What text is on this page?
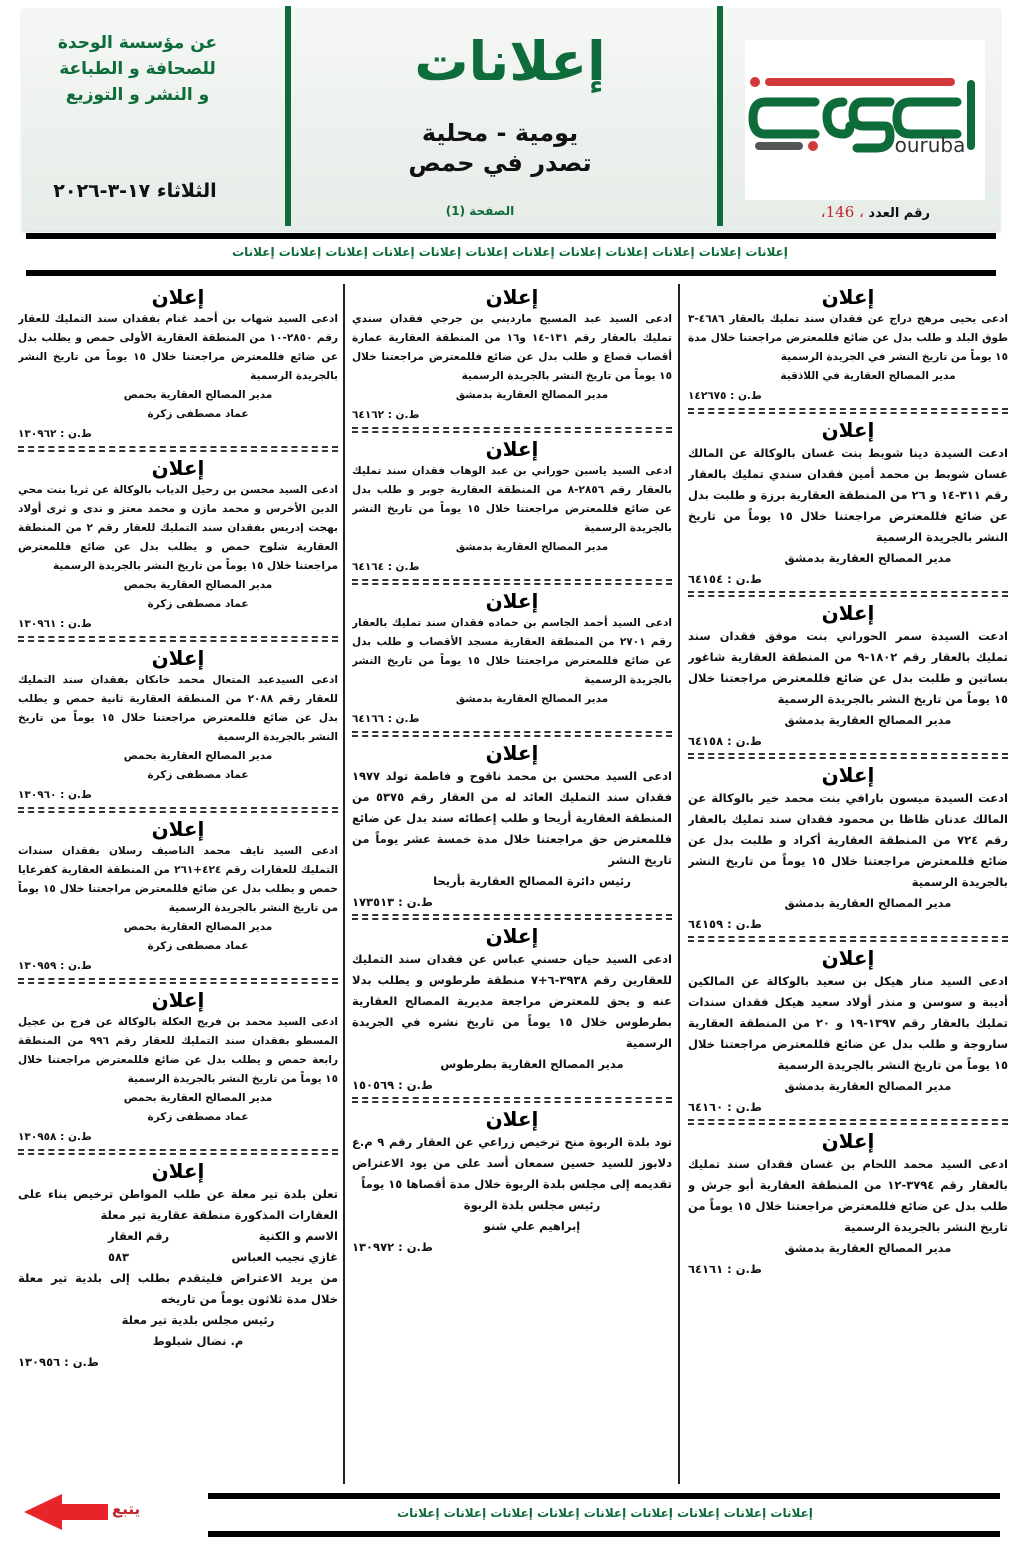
ouruba
رقم العدد ، 146،
إعلانات
يومية - محلية
تصدر في حمص
الصفحة (1)
عن مؤسسة الوحدة
للصحافة و الطباعة
و النشر و التوزيع
الثلاثاء ١٧-٣-٢٠٢٦
إعلانات إعلانات إعلانات إعلانات إعلانات إعلانات إعلانات إعلانات إعلانات إعلانات إعلانات إعلانات
إعلان
ادعى يحيى مرهج دراج عن فقدان سند تمليك بالعقار ٤٦٨٦-٣ طوق البلد و طلب بدل عن ضائع فللمعترض مراجعتنا خلال مدة ١٥ يوماً من تاريخ النشر في الجريدة الرسمية
مدير المصالح العقارية في اللاذقية
ط.ن : ١٤٢٦٧٥
إعلان
ادعت السيدة دينا شوبط بنت غسان بالوكالة عن المالك غسان شوبط بن محمد أمين فقدان سندي تمليك بالعقار رقم ٣١١-١٤ و ٢٦ من المنطقة العقارية برزة و طلبت بدل عن ضائع فللمعترض مراجعتنا خلال ١٥ يوماً من تاريخ النشر بالجريدة الرسمية
مدير المصالح العقارية بدمشق
ط.ن : ٦٤١٥٤
إعلان
ادعت السيدة سمر الحوراني بنت موفق فقدان سند تمليك بالعقار رقم ١٨٠٢-٩ من المنطقة العقارية شاغور بساتين و طلبت بدل عن ضائع فللمعترض مراجعتنا خلال ١٥ يوماً من تاريخ النشر بالجريدة الرسمية
مدير المصالح العقارية بدمشق
ط.ن : ٦٤١٥٨
إعلان
ادعت السيدة ميسون بارافي بنت محمد خير بالوكالة عن المالك عدنان ظاظا بن محمود فقدان سند تمليك بالعقار رقم ٧٢٤ من المنطقة العقارية أكراد و طلبت بدل عن ضائع فللمعترض مراجعتنا خلال ١٥ يوماً من تاريخ النشر بالجريدة الرسمية
مدير المصالح العقارية بدمشق
ط.ن : ٦٤١٥٩
إعلان
ادعى السيد منار هيكل بن سعيد بالوكالة عن المالكين أديبة و سوسن و منذر أولاد سعيد هيكل فقدان سندات تمليك بالعقار رقم ١٣٩٧-١٩ و ٢٠ من المنطقة العقارية ساروجة و طلب بدل عن ضائع فللمعترض مراجعتنا خلال ١٥ يوماً من تاريخ النشر بالجريدة الرسمية
مدير المصالح العقارية بدمشق
ط.ن : ٦٤١٦٠
إعلان
ادعى السيد محمد اللحام بن غسان فقدان سند تمليك بالعقار رقم ٣٧٩٤-١٢ من المنطقة العقارية أبو جرش و طلب بدل عن ضائع فللمعترض مراجعتنا خلال ١٥ يوماً من تاريخ النشر بالجريدة الرسمية
مدير المصالح العقارية بدمشق
ط.ن : ٦٤١٦١
إعلان
ادعى السيد عبد المسيح مارديني بن جرجي فقدان سندي تمليك بالعقار رقم ١٣١-١٤ و١٦ من المنطقة العقارية عمارة أقصاب قصاع و طلب بدل عن ضائع فللمعترض مراجعتنا خلال ١٥ يوماً من تاريخ النشر بالجريدة الرسمية
مدير المصالح العقارية بدمشق
ط.ن : ٦٤١٦٢
إعلان
ادعى السيد ياسين حوراني بن عبد الوهاب فقدان سند تمليك بالعقار رقم ٢٨٥٦-٨ من المنطقة العقارية جوبر و طلب بدل عن ضائع فللمعترض مراجعتنا خلال ١٥ يوماً من تاريخ النشر بالجريدة الرسمية
مدير المصالح العقارية بدمشق
ط.ن : ٦٤١٦٤
إعلان
ادعى السيد أحمد الجاسم بن حماده فقدان سند تمليك بالعقار رقم ٢٧٠١ من المنطقة العقارية مسجد الأقصاب و طلب بدل عن ضائع فللمعترض مراجعتنا خلال ١٥ يوماً من تاريخ النشر بالجريدة الرسمية
مدير المصالح العقارية بدمشق
ط.ن : ٦٤١٦٦
إعلان
ادعى السيد محسن بن محمد ناقوح و فاطمة تولد ١٩٧٧ فقدان سند التمليك العائد له من العقار رقم ٥٣٧٥ من المنطقة العقارية أريحا و طلب إعطائه سند بدل عن ضائع فللمعترض حق مراجعتنا خلال مدة خمسة عشر يوماً من تاريخ النشر
رئيس دائرة المصالح العقارية بأريحا
ط.ن : ١٧٣٥١٣
إعلان
ادعى السيد حيان حسني عباس عن فقدان سند التمليك للعقارين رقم ٣٩٣٨-٦+٧ منطقة طرطوس و يطلب بدلا عنه و يحق للمعترض مراجعة مديرية المصالح العقارية بطرطوس خلال ١٥ يوماً من تاريخ نشره في الجريدة الرسمية
مدير المصالح العقارية بطرطوس
ط.ن : ١٥٠٥٦٩
إعلان
تود بلدة الربوة منح ترخيص زراعي عن العقار رقم ٩ م.ع دلابوز للسيد حسين سمعان أسد على من يود الاعتراض تقديمه إلى مجلس بلدة الربوة خلال مدة أقصاها ١٥ يوماً
رئيس مجلس بلدة الربوة
إبراهيم علي شنو
ط.ن : ١٣٠٩٧٢
إعلان
ادعى السيد شهاب بن أحمد غنام بفقدان سند التمليك للعقار رقم ٢٨٥٠-١٠ من المنطقة العقارية الأولى حمص و يطلب بدل عن ضائع فللمعترض مراجعتنا خلال ١٥ يوماً من تاريخ النشر بالجريدة الرسمية
مدير المصالح العقارية بحمص
عماد مصطفى زكرة
ط.ن : ١٣٠٩٦٢
إعلان
ادعى السيد محسن بن رحيل الدياب بالوكالة عن ثريا بنت محي الدين الأخرس و محمد مازن و محمد معتز و ندى و ثرى أولاد بهجت إدريس بفقدان سند التمليك للعقار رقم ٢ من المنطقة العقارية شلوح حمص و يطلب بدل عن ضائع فللمعترض مراجعتنا خلال ١٥ يوماً من تاريخ النشر بالجريدة الرسمية
مدير المصالح العقارية بحمص
عماد مصطفى زكرة
ط.ن : ١٣٠٩٦١
إعلان
ادعى السيدعبد المتعال محمد خانكان بفقدان سند التمليك للعقار رقم ٢٠٨٨ من المنطقة العقارية ثانية حمص و يطلب بدل عن ضائع فللمعترض مراجعتنا خلال ١٥ يوماً من تاريخ النشر بالجريدة الرسمية
مدير المصالح العقارية بحمص
عماد مصطفى زكرة
ط.ن : ١٣٠٩٦٠
إعلان
ادعى السيد نايف محمد الناصيف رسلان بفقدان سندات التمليك للعقارات رقم ٤٢٤+٢٦١ من المنطقة العقارية كفرعايا حمص و يطلب بدل عن ضائع فللمعترض مراجعتنا خلال ١٥ يوماً من تاريخ النشر بالجريدة الرسمية
مدير المصالح العقارية بحمص
عماد مصطفى زكرة
ط.ن : ١٣٠٩٥٩
إعلان
ادعى السيد محمد بن فريج العكلة بالوكالة عن فرج بن عجيل المسطو بفقدان سند التمليك للعقار رقم ٩٩٦ من المنطقة رابعة حمص و يطلب بدل عن ضائع فللمعترض مراجعتنا خلال ١٥ يوماً من تاريخ النشر بالجريدة الرسمية
مدير المصالح العقارية بحمص
عماد مصطفى زكرة
ط.ن : ١٣٠٩٥٨
إعلان
تعلن بلدة تير معلة عن طلب المواطن ترخيص بناء على العقارات المذكورة منطقة عقارية تير معلة
الاسم و الكنية
رقم العقار
غازي نجيب العباس
٥٨٣
من يريد الاعتراض فليتقدم بطلب إلى بلدية تير معلة خلال مدة ثلاثون يوماً من تاريخه
رئيس مجلس بلدية تير معلة
م. نضال شبلوط
ط.ن : ١٣٠٩٥٦
إعلانات إعلانات إعلانات إعلانات إعلانات إعلانات إعلانات إعلانات إعلانات
يتبع
